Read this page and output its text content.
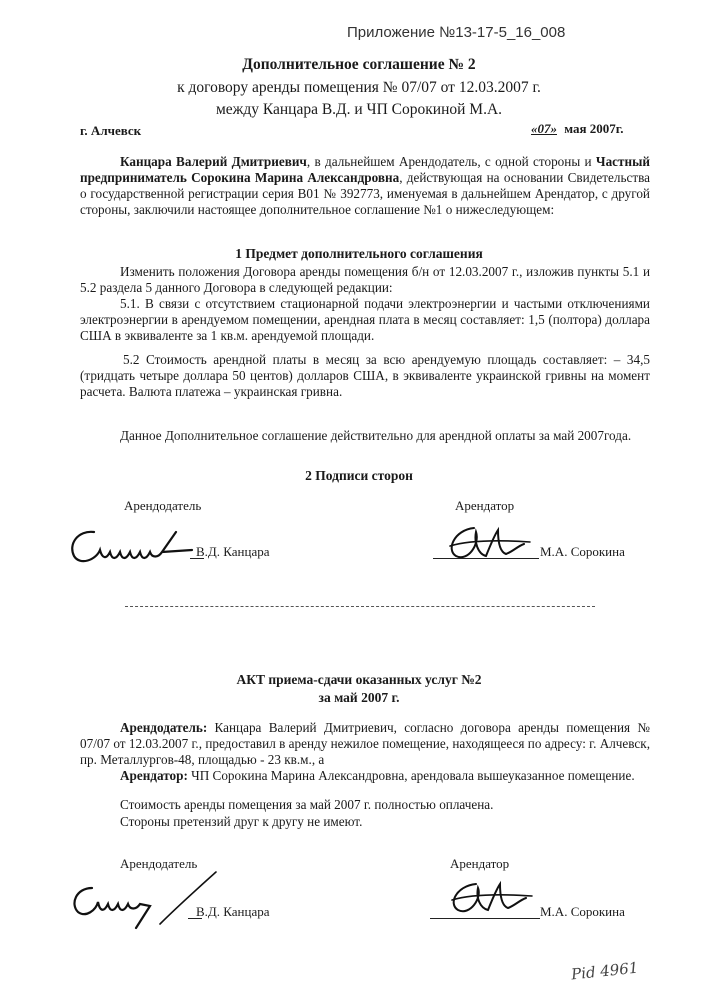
Приложение №13-17-5_16_008
Дополнительное соглашение № 2
к договору аренды помещения № 07/07 от 12.03.2007 г.
между Канцара В.Д. и ЧП Сорокиной М.А.
г. Алчевск	«07» мая 2007г.
Канцара Валерий Дмитриевич, в дальнейшем Арендодатель, с одной стороны и Частный предприниматель Сорокина Марина Александровна, действующая на основании Свидетельства о государственной регистрации серия В01 № 392773, именуемая в дальнейшем Арендатор, с другой стороны, заключили настоящее дополнительное соглашение №1 о нижеследующем:
1 Предмет дополнительного соглашения
Изменить положения Договора аренды помещения б/н от 12.03.2007 г., изложив пункты 5.1 и 5.2 раздела 5 данного Договора в следующей редакции:
5.1. В связи с отсутствием стационарной подачи электроэнергии и частыми отключениями электроэнергии в арендуемом помещении, арендная плата в месяц составляет: 1,5 (полтора) доллара США в эквиваленте за 1 кв.м. арендуемой площади.
5.2 Стоимость арендной платы в месяц за всю арендуемую площадь составляет: – 34,5 (тридцать четыре доллара 50 центов) долларов США, в эквиваленте украинской гривны на момент расчета. Валюта платежа – украинская гривна.
Данное Дополнительное соглашение действительно для арендной оплаты за май 2007года.
2 Подписи сторон
Арендодатель	Арендатор
В.Д. Канцара	М.А. Сорокина
АКТ приема-сдачи оказанных услуг №2
за май 2007 г.
Арендодатель: Канцара Валерий Дмитриевич, согласно договора аренды помещения № 07/07 от 12.03.2007 г., предоставил в аренду нежилое помещение, находящееся по адресу: г. Алчевск, пр. Металлургов-48, площадью - 23 кв.м., а
Арендатор: ЧП Сорокина Марина Александровна, арендовала вышеуказанное помещение.
Стоимость аренды помещения за май 2007 г. полностью оплачена.
Стороны претензий друг к другу не имеют.
Арендодатель	Арендатор
В.Д. Канцара	М.А. Сорокина
Pid 4961
